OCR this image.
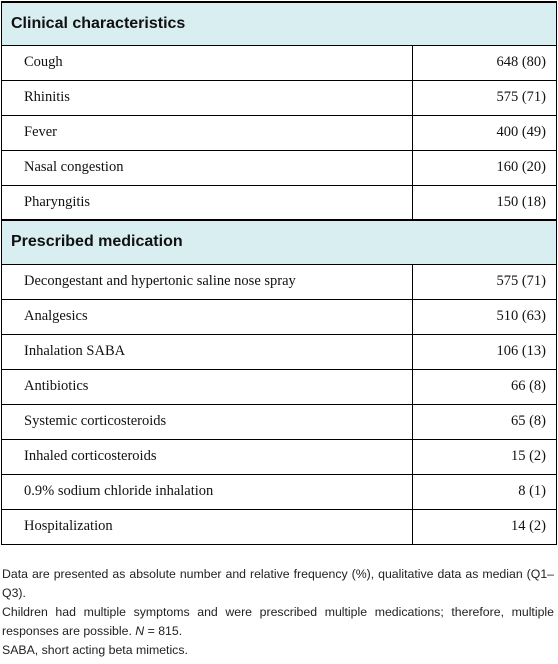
Clinical characteristics	
Cough	648 (80)
Rhinitis	575 (71)
Fever	400 (49)
Nasal congestion	160 (20)
Pharyngitis	150 (18)
Prescribed medication	
Decongestant and hypertonic saline nose spray	575 (71)
Analgesics	510 (63)
Inhalation SABA	106 (13)
Antibiotics	66 (8)
Systemic corticosteroids	65 (8)
Inhaled corticosteroids	15 (2)
0.9% sodium chloride inhalation	8 (1)
Hospitalization	14 (2)

Data are presented as absolute number and relative frequency (%), qualitative data as median (Q1–Q3).

Children had multiple symptoms and were prescribed multiple medications; therefore, multiple responses are possible. N = 815.

SABA, short acting beta mimetics.
